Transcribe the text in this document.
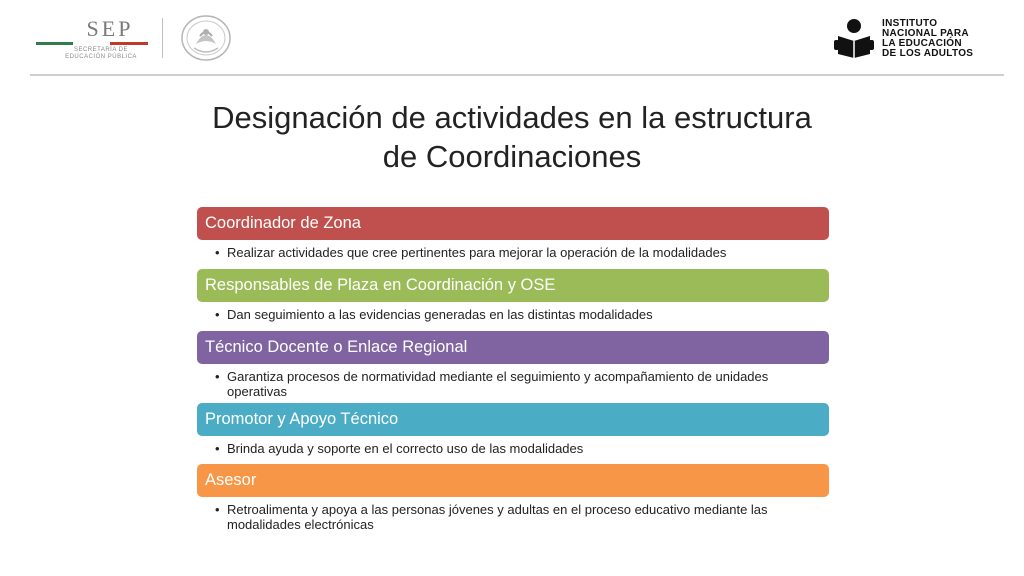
SEP
SECRETARÍA DE
EDUCACIÓN PÚBLICA
INSTITUTO
NACIONAL PARA
LA EDUCACIÓN
DE LOS ADULTOS
Designación de actividades en la estructura
de Coordinaciones
Coordinador de Zona
• Realizar actividades que cree pertinentes para mejorar la operación de la modalidades
Responsables de Plaza en Coordinación y OSE
• Dan seguimiento a las evidencias generadas en las distintas modalidades
Técnico Docente o Enlace Regional
• Garantiza procesos de normatividad mediante el seguimiento y acompañamiento de unidades
operativas
Promotor y Apoyo Técnico
• Brinda ayuda y soporte en el correcto uso de las modalidades
Asesor
• Retroalimenta y apoya a las personas jóvenes y adultas en el proceso educativo mediante las
modalidades electrónicas
